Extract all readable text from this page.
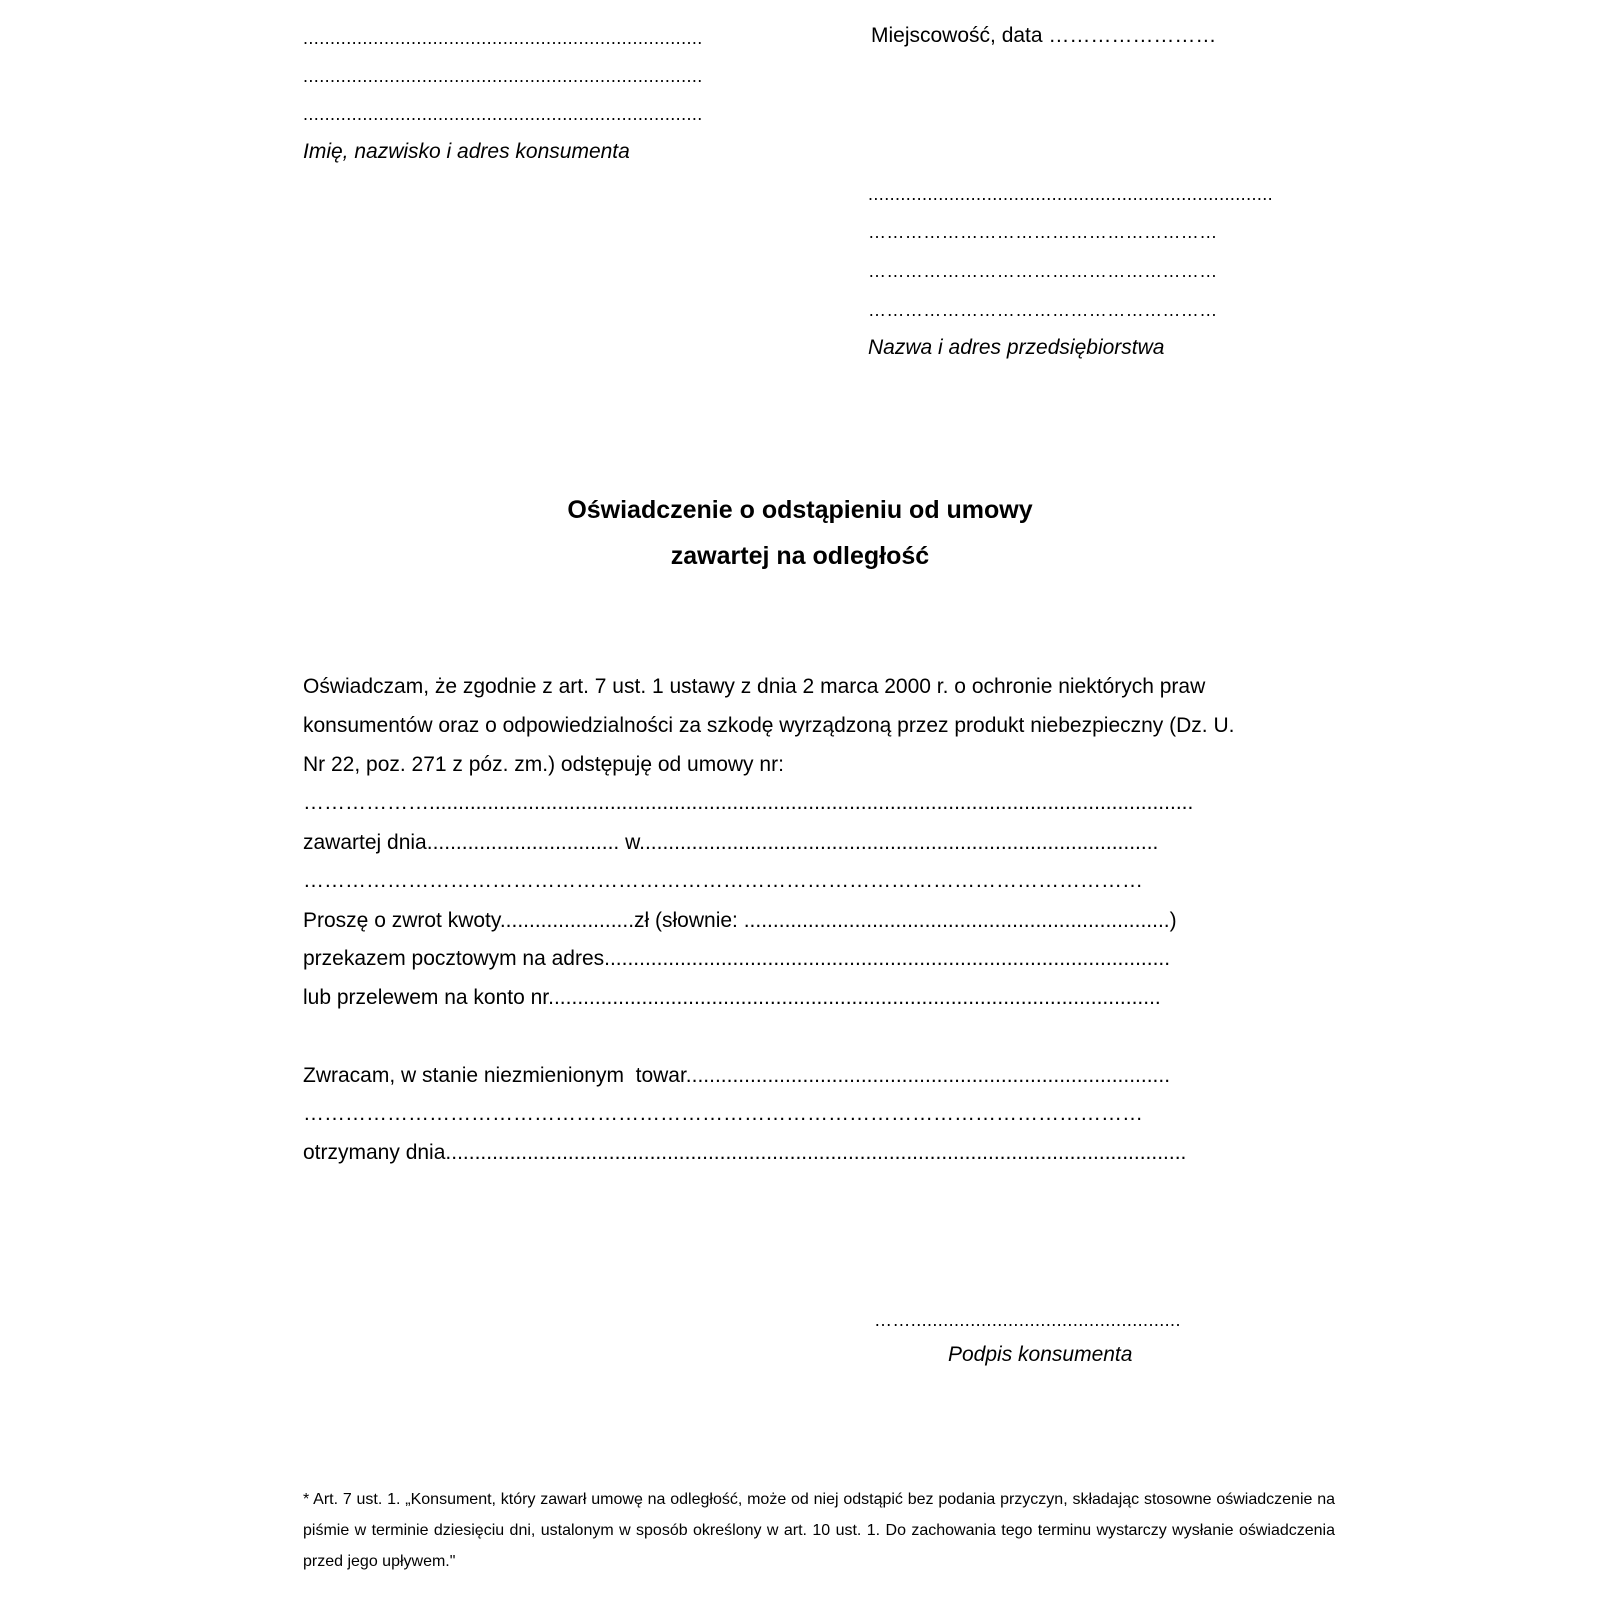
..........................................................................
..........................................................................
..........................................................................
Imię, nazwisko i adres konsumenta
Miejscowość, data ……………………
...........................................................................
…………………………………………………
…………………………………………………
…………………………………………………
Nazwa i adres przedsiębiorstwa
Oświadczenie o odstąpieniu od umowy
zawartej na odległość
Oświadczam, że zgodnie z art. 7 ust. 1 ustawy z dnia 2 marca 2000 r. o ochronie niektórych praw
konsumentów oraz o odpowiedzialności za szkodę wyrządzoną przez produkt niebezpieczny (Dz. U.
Nr 22, poz. 271 z póz. zm.) odstępuję od umowy nr:
………………...................................................................................................................................
zawartej dnia................................. w.........................................................................................
…………………………………………………………………………………………………………
Proszę o zwrot kwoty.......................zł (słownie: .........................................................................)
przekazem pocztowym na adres.................................................................................................
lub przelewem na konto nr.........................................................................................................
Zwracam, w stanie niezmienionym  towar...................................................................................
…………………………………………………………………………………………………………
otrzymany dnia...............................................................................................................................
……..................................................
Podpis konsumenta
* Art. 7 ust. 1. „Konsument, który zawarł umowę na odległość, może od niej odstąpić bez podania przyczyn, składając stosowne oświadczenie na piśmie w terminie dziesięciu dni, ustalonym w sposób określony w art. 10 ust. 1. Do zachowania tego terminu wystarczy wysłanie oświadczenia przed jego upływem."
